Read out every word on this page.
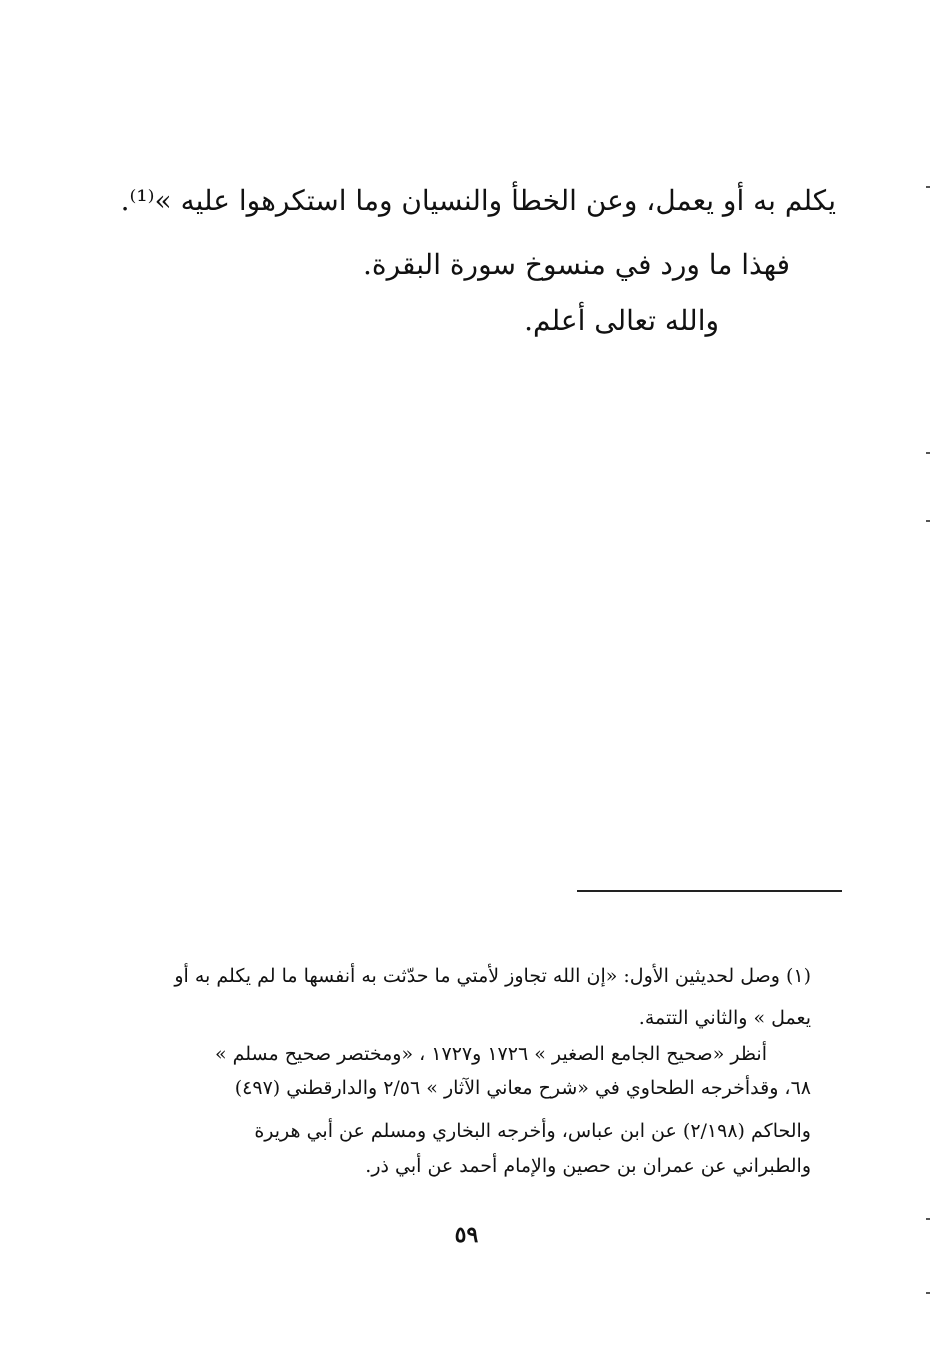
يكلم به أو يعمل، وعن الخطأ والنسيان وما استكرهوا عليه »⁽¹⁾.
فهذا ما ورد في منسوخ سورة البقرة.
والله تعالى أعلم.
(١) وصل لحديثين الأول: «إن الله تجاوز لأمتي ما حدّثت به أنفسها ما لم يكلم به أو
يعمل » والثاني التتمة.
أنظر «صحيح الجامع الصغير » ١٧٢٦ و١٧٢٧ ، «ومختصر صحيح مسلم »
٦٨، وقدأخرجه الطحاوي في «شرح معاني الآثار » ٢/٥٦ والدارقطني (٤٩٧)
والحاكم (٢/١٩٨) عن ابن عباس، وأخرجه البخاري ومسلم عن أبي هريرة
والطبراني عن عمران بن حصين والإمام أحمد عن أبي ذر.
٥٩
